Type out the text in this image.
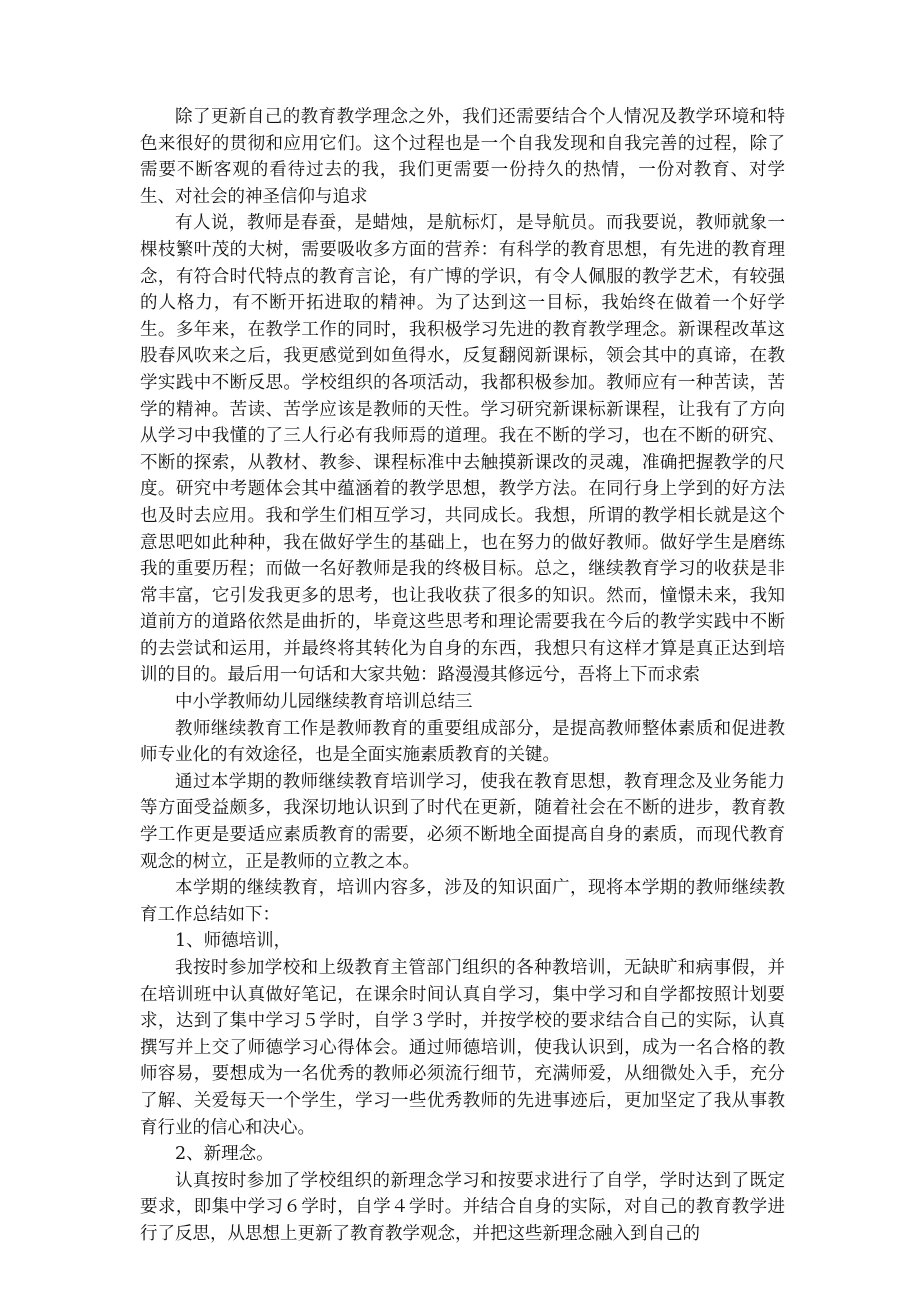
除了更新自己的教育教学理念之外，我们还需要结合个人情况及教学环境和特色来很好的贯彻和应用它们。这个过程也是一个自我发现和自我完善的过程，除了需要不断客观的看待过去的我，我们更需要一份持久的热情，一份对教育、对学生、对社会的神圣信仰与追求

有人说，教师是春蚕，是蜡烛，是航标灯，是导航员。而我要说，教师就象一棵枝繁叶茂的大树，需要吸收多方面的营养：有科学的教育思想，有先进的教育理念，有符合时代特点的教育言论，有广博的学识，有令人佩服的教学艺术，有较强的人格力，有不断开拓进取的精神。为了达到这一目标，我始终在做着一个好学生。多年来，在教学工作的同时，我积极学习先进的教育教学理念。新课程改革这股春风吹来之后，我更感觉到如鱼得水，反复翻阅新课标，领会其中的真谛，在教学实践中不断反思。学校组织的各项活动，我都积极参加。教师应有一种苦读，苦学的精神。苦读、苦学应该是教师的天性。学习研究新课标新课程，让我有了方向从学习中我懂的了三人行必有我师焉的道理。我在不断的学习，也在不断的研究、不断的探索，从教材、教参、课程标准中去触摸新课改的灵魂，准确把握教学的尺度。研究中考题体会其中蕴涵着的教学思想，教学方法。在同行身上学到的好方法也及时去应用。我和学生们相互学习，共同成长。我想，所谓的教学相长就是这个意思吧如此种种，我在做好学生的基础上，也在努力的做好教师。做好学生是磨练我的重要历程；而做一名好教师是我的终极目标。总之，继续教育学习的收获是非常丰富，它引发我更多的思考，也让我收获了很多的知识。然而，憧憬未来，我知道前方的道路依然是曲折的，毕竟这些思考和理论需要我在今后的教学实践中不断的去尝试和运用，并最终将其转化为自身的东西，我想只有这样才算是真正达到培训的目的。最后用一句话和大家共勉：路漫漫其修远兮，吾将上下而求索

中小学教师幼儿园继续教育培训总结三

教师继续教育工作是教师教育的重要组成部分，是提高教师整体素质和促进教师专业化的有效途径，也是全面实施素质教育的关键。

通过本学期的教师继续教育培训学习，使我在教育思想，教育理念及业务能力等方面受益颇多，我深切地认识到了时代在更新，随着社会在不断的进步，教育教学工作更是要适应素质教育的需要，必须不断地全面提高自身的素质，而现代教育观念的树立，正是教师的立教之本。

本学期的继续教育，培训内容多，涉及的知识面广，现将本学期的教师继续教育工作总结如下：

1、师德培训，

我按时参加学校和上级教育主管部门组织的各种教培训，无缺旷和病事假，并在培训班中认真做好笔记，在课余时间认真自学习，集中学习和自学都按照计划要求，达到了集中学习５学时，自学３学时，并按学校的要求结合自己的实际，认真撰写并上交了师德学习心得体会。通过师德培训，使我认识到，成为一名合格的教师容易，要想成为一名优秀的教师必须流行细节，充满师爱，从细微处入手，充分了解、关爱每天一个学生，学习一些优秀教师的先进事迹后，更加坚定了我从事教育行业的信心和决心。

2、新理念。

认真按时参加了学校组织的新理念学习和按要求进行了自学，学时达到了既定要求，即集中学习６学时，自学４学时。并结合自身的实际，对自己的教育教学进行了反思，从思想上更新了教育教学观念，并把这些新理念融入到自己的
